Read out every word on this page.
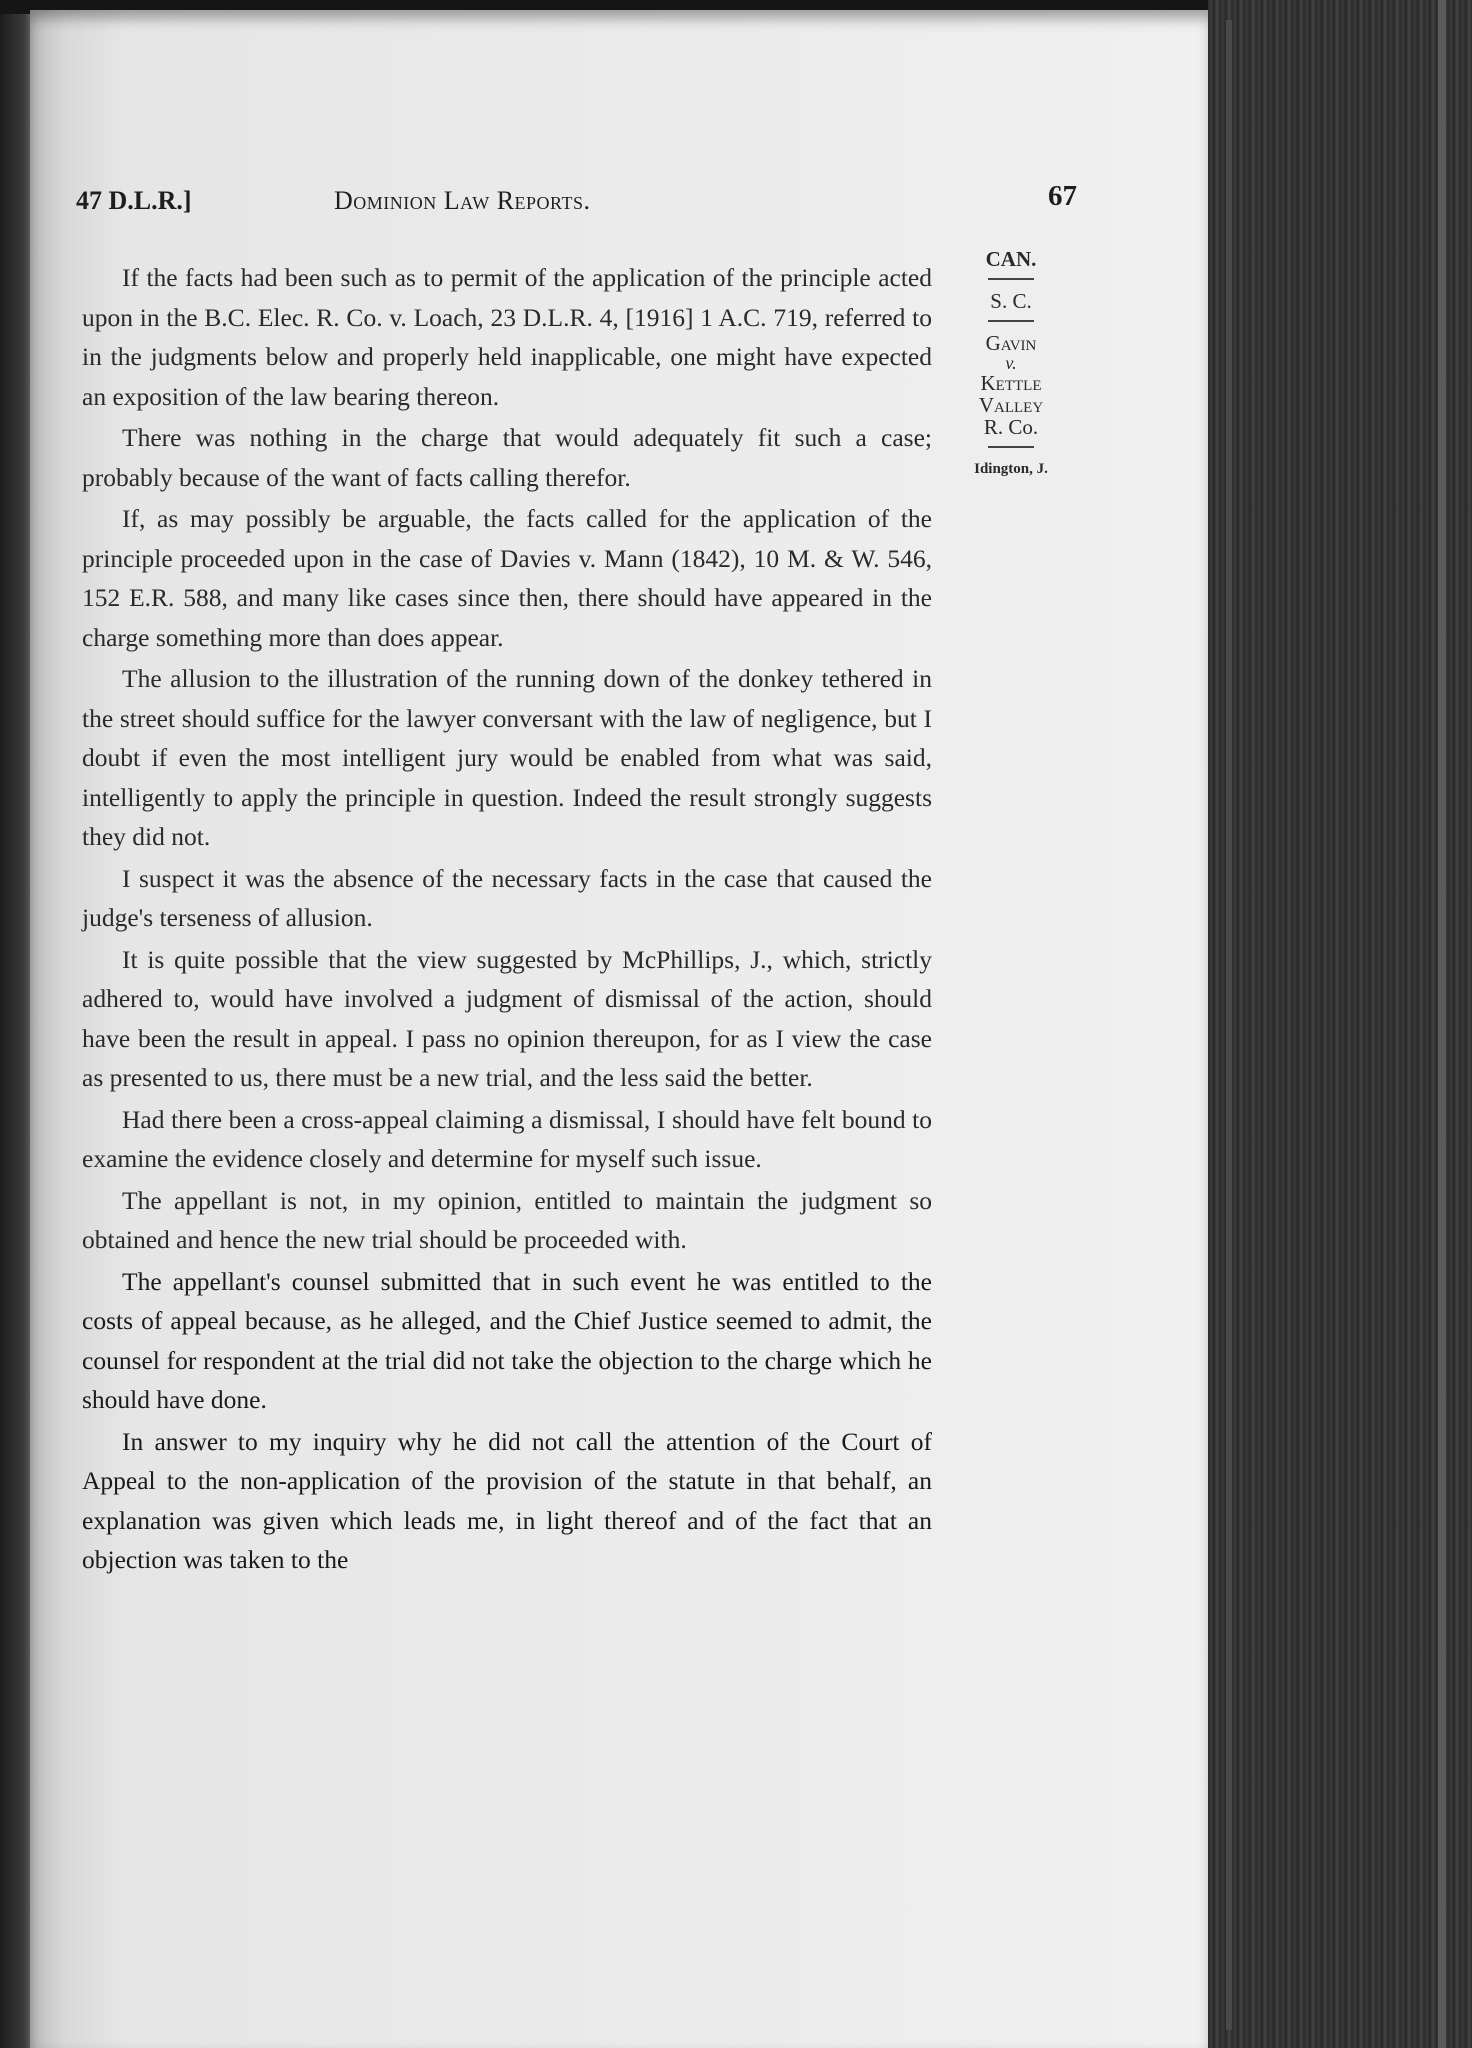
47 D.L.R.]	Dominion Law Reports.	67
CAN.
S. C.
Gavin
v.
Kettle
Valley
R. Co.
Idington, J.

If the facts had been such as to permit of the application of the principle acted upon in the B.C. Elec. R. Co. v. Loach, 23 D.L.R. 4, [1916] 1 A.C. 719, referred to in the judgments below and properly held inapplicable, one might have expected an exposition of the law bearing thereon.

There was nothing in the charge that would adequately fit such a case; probably because of the want of facts calling therefor.

If, as may possibly be arguable, the facts called for the application of the principle proceeded upon in the case of Davies v. Mann (1842), 10 M. & W. 546, 152 E.R. 588, and many like cases since then, there should have appeared in the charge something more than does appear.

The allusion to the illustration of the running down of the donkey tethered in the street should suffice for the lawyer conversant with the law of negligence, but I doubt if even the most intelligent jury would be enabled from what was said, intelligently to apply the principle in question. Indeed the result strongly suggests they did not.

I suspect it was the absence of the necessary facts in the case that caused the judge's terseness of allusion.

It is quite possible that the view suggested by McPhillips, J., which, strictly adhered to, would have involved a judgment of dismissal of the action, should have been the result in appeal. I pass no opinion thereupon, for as I view the case as presented to us, there must be a new trial, and the less said the better.

Had there been a cross-appeal claiming a dismissal, I should have felt bound to examine the evidence closely and determine for myself such issue.

The appellant is not, in my opinion, entitled to maintain the judgment so obtained and hence the new trial should be proceeded with.

The appellant's counsel submitted that in such event he was entitled to the costs of appeal because, as he alleged, and the Chief Justice seemed to admit, the counsel for respondent at the trial did not take the objection to the charge which he should have done.

In answer to my inquiry why he did not call the attention of the Court of Appeal to the non-application of the provision of the statute in that behalf, an explanation was given which leads me, in light thereof and of the fact that an objection was taken to the
